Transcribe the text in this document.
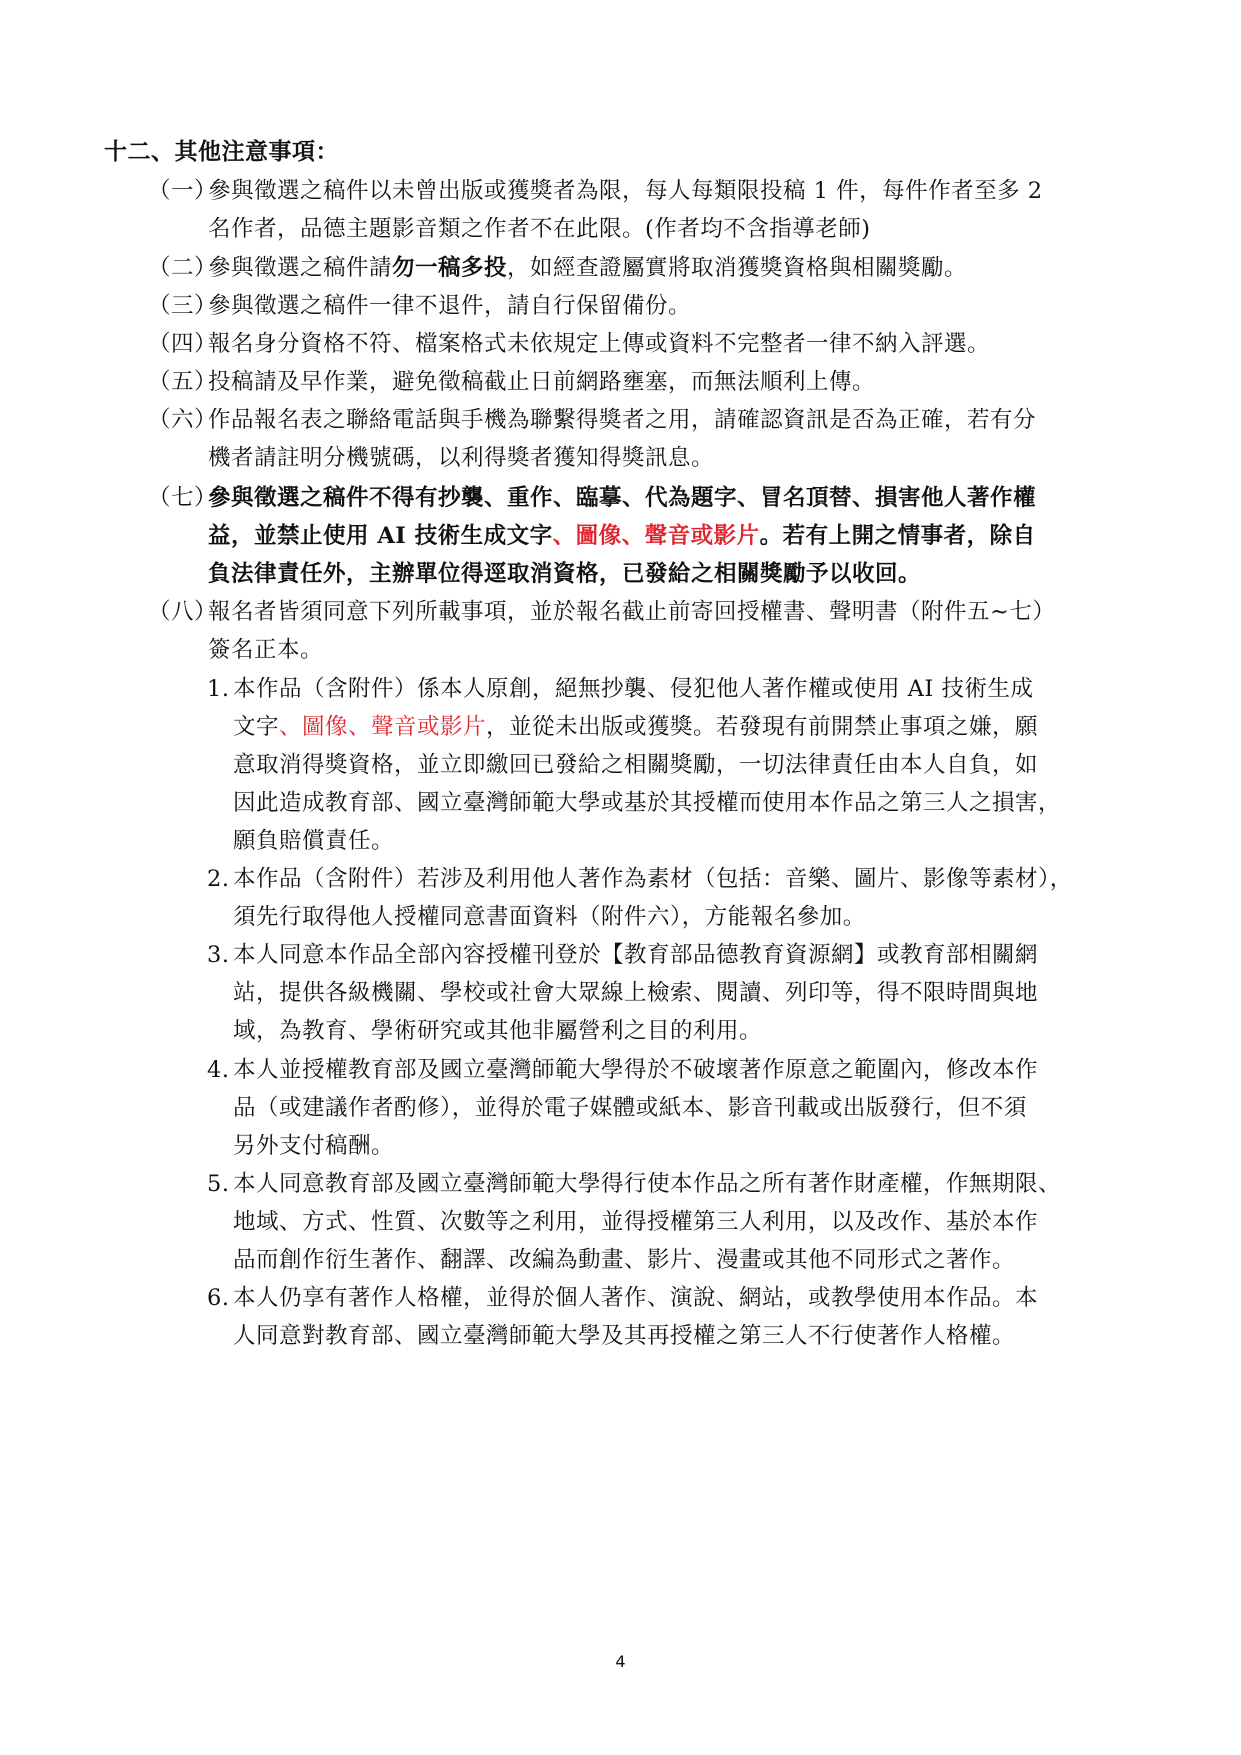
十二、其他注意事項：
（一）
參與徵選之稿件以未曾出版或獲獎者為限，每人每類限投稿 1 件，每件作者至多 2
名作者，品德主題影音類之作者不在此限。(作者均不含指導老師)
（二）
參與徵選之稿件請勿一稿多投，如經查證屬實將取消獲獎資格與相關獎勵。
（三）
參與徵選之稿件一律不退件，請自行保留備份。
（四）
報名身分資格不符、檔案格式未依規定上傳或資料不完整者一律不納入評選。
（五）
投稿請及早作業，避免徵稿截止日前網路壅塞，而無法順利上傳。
（六）
作品報名表之聯絡電話與手機為聯繫得獎者之用，請確認資訊是否為正確，若有分
機者請註明分機號碼，以利得獎者獲知得獎訊息。
（七）
參與徵選之稿件不得有抄襲、重作、臨摹、代為題字、冒名頂替、損害他人著作權
益，並禁止使用 AI 技術生成文字、圖像、聲音或影片。若有上開之情事者，除自
負法律責任外，主辦單位得逕取消資格，已發給之相關獎勵予以收回。
（八）
報名者皆須同意下列所載事項，並於報名截止前寄回授權書、聲明書（附件五~七）
簽名正本。
1. 本作品（含附件）係本人原創，絕無抄襲、侵犯他人著作權或使用 AI 技術生成
文字、圖像、聲音或影片，並從未出版或獲獎。若發現有前開禁止事項之嫌，願
意取消得獎資格，並立即繳回已發給之相關獎勵，一切法律責任由本人自負，如
因此造成教育部、國立臺灣師範大學或基於其授權而使用本作品之第三人之損害，
願負賠償責任。
2. 本作品（含附件）若涉及利用他人著作為素材（包括：音樂、圖片、影像等素材），
須先行取得他人授權同意書面資料（附件六），方能報名參加。
3. 本人同意本作品全部內容授權刊登於【教育部品德教育資源網】或教育部相關網
站，提供各級機關、學校或社會大眾線上檢索、閱讀、列印等，得不限時間與地
域，為教育、學術研究或其他非屬營利之目的利用。
4. 本人並授權教育部及國立臺灣師範大學得於不破壞著作原意之範圍內，修改本作
品（或建議作者酌修），並得於電子媒體或紙本、影音刊載或出版發行，但不須
另外支付稿酬。
5. 本人同意教育部及國立臺灣師範大學得行使本作品之所有著作財產權，作無期限、
地域、方式、性質、次數等之利用，並得授權第三人利用，以及改作、基於本作
品而創作衍生著作、翻譯、改編為動畫、影片、漫畫或其他不同形式之著作。
6. 本人仍享有著作人格權，並得於個人著作、演說、網站，或教學使用本作品。本
人同意對教育部、國立臺灣師範大學及其再授權之第三人不行使著作人格權。
4
